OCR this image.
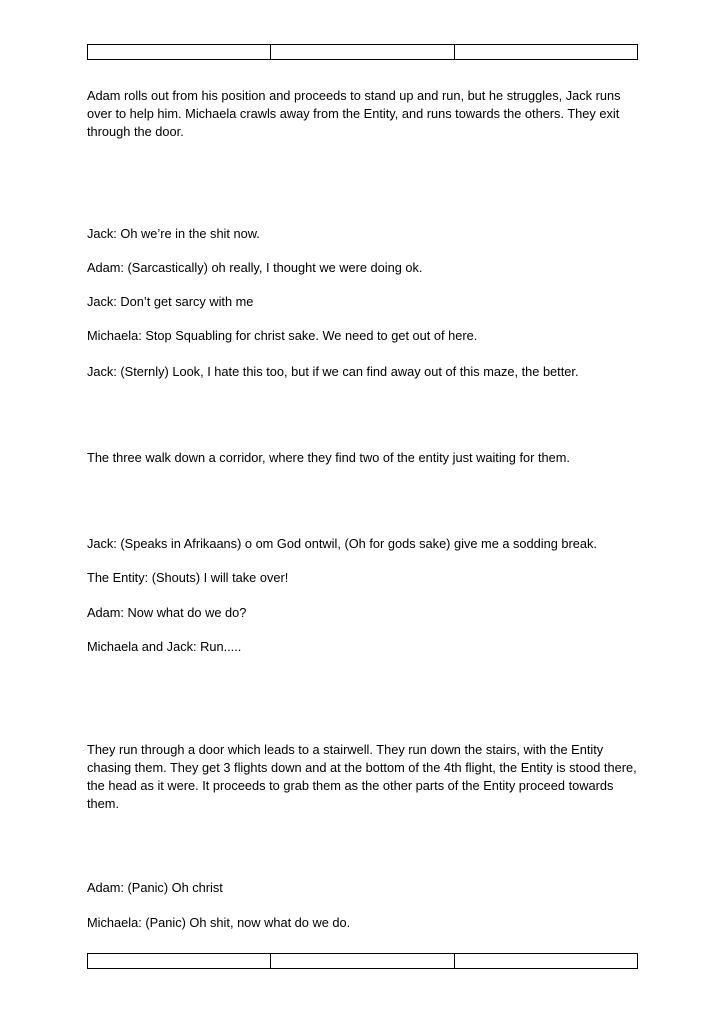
Adam rolls out from his position and proceeds to stand up and run, but he struggles, Jack runs over to help him. Michaela crawls away from the Entity, and runs towards the others. They exit through the door.

Jack: Oh we’re in the shit now.

Adam: (Sarcastically) oh really, I thought we were doing ok.

Jack: Don’t get sarcy with me

Michaela: Stop Squabling for christ sake. We need to get out of here.

Jack: (Sternly) Look, I hate this too, but if we can find away out of this maze, the better.

The three walk down a corridor, where they find two of the entity just waiting for them.

Jack: (Speaks in Afrikaans) o om God ontwil, (Oh for gods sake) give me a sodding break.

The Entity: (Shouts) I will take over!

Adam: Now what do we do?

Michaela and Jack: Run.....

They run through a door which leads to a stairwell. They run down the stairs, with the Entity chasing them. They get 3 flights down and at the bottom of the 4th flight, the Entity is stood there, the head as it were. It proceeds to grab them as the other parts of the Entity proceed towards them.

Adam: (Panic) Oh christ

Michaela: (Panic) Oh shit, now what do we do.
